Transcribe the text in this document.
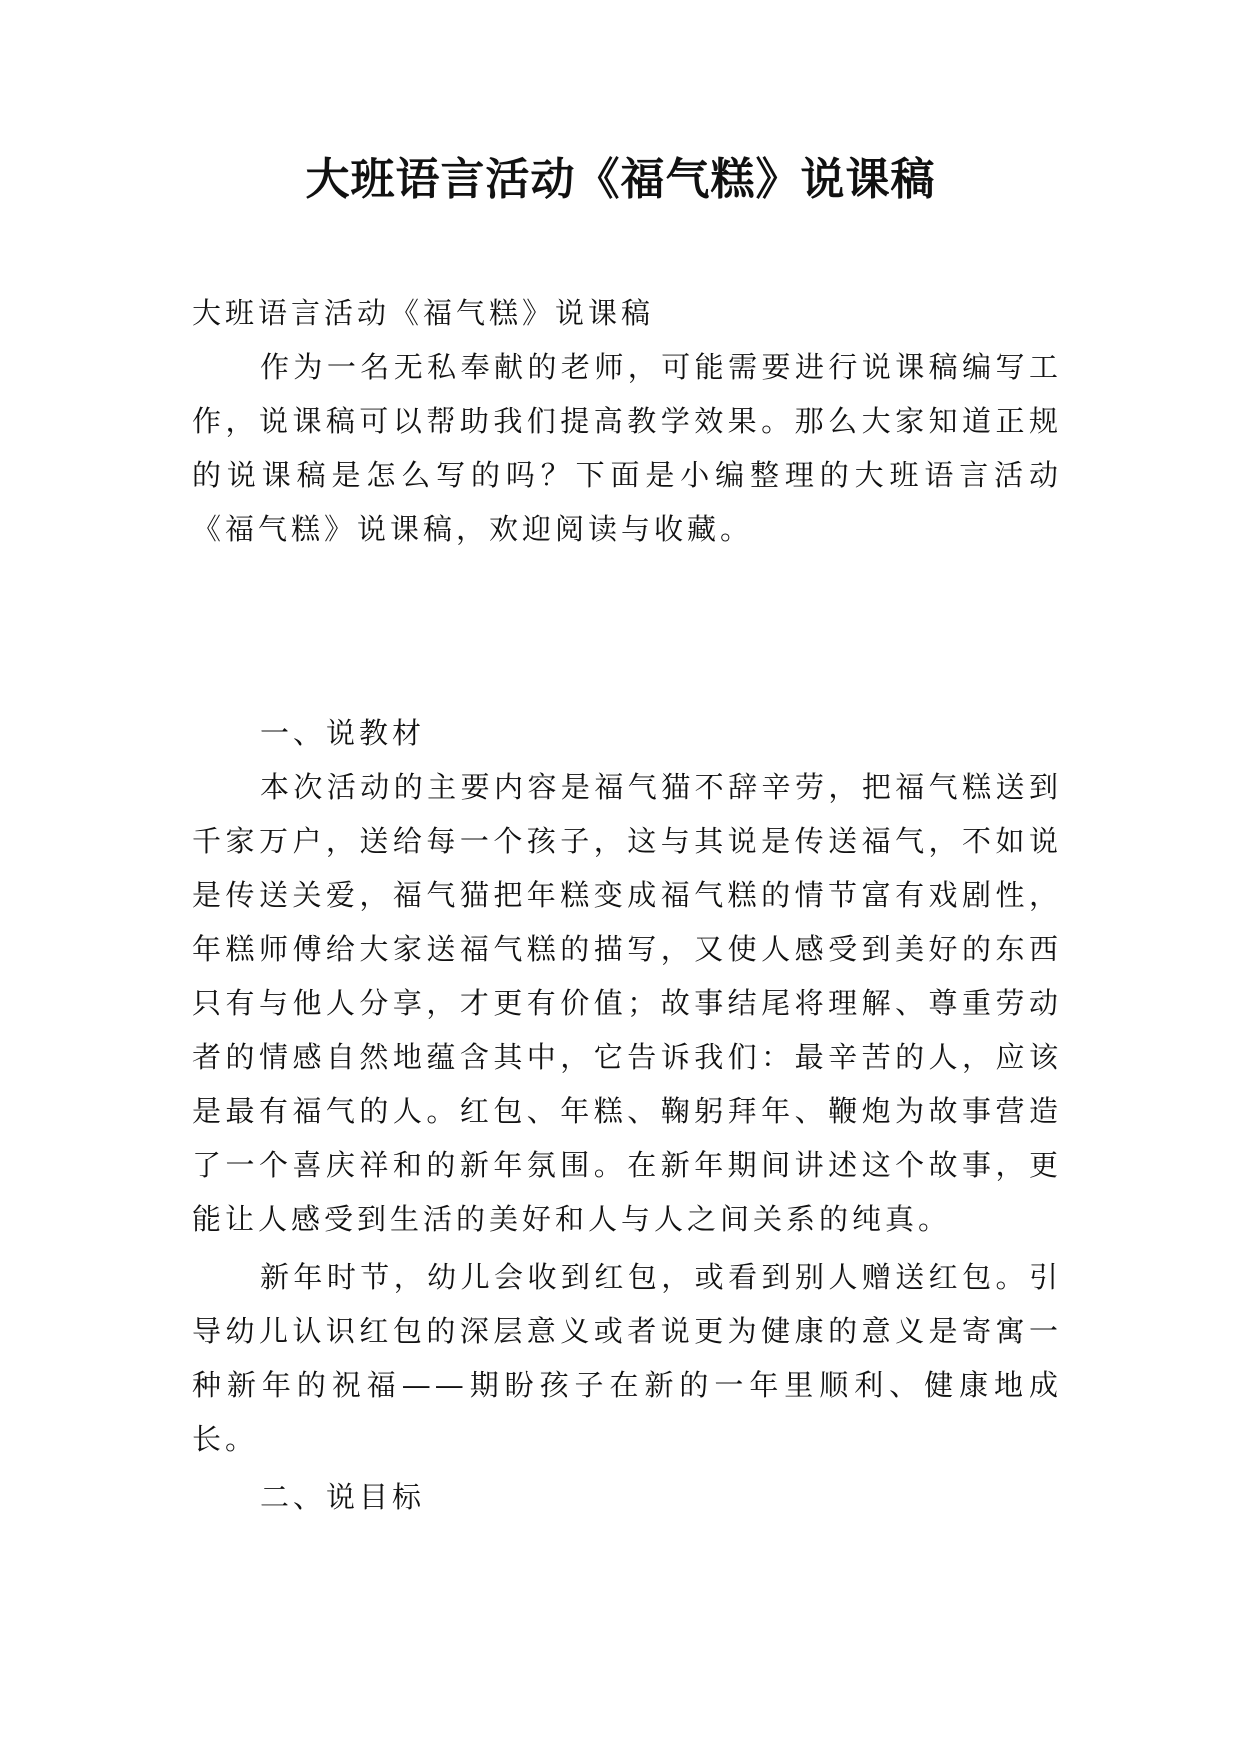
大班语言活动《福气糕》说课稿

大班语言活动《福气糕》说课稿

作为一名无私奉献的老师，可能需要进行说课稿编写工作，说课稿可以帮助我们提高教学效果。那么大家知道正规的说课稿是怎么写的吗？下面是小编整理的大班语言活动《福气糕》说课稿，欢迎阅读与收藏。

一、说教材

本次活动的主要内容是福气猫不辞辛劳，把福气糕送到千家万户，送给每一个孩子，这与其说是传送福气，不如说是传送关爱，福气猫把年糕变成福气糕的情节富有戏剧性，年糕师傅给大家送福气糕的描写，又使人感受到美好的东西只有与他人分享，才更有价值；故事结尾将理解、尊重劳动者的情感自然地蕴含其中，它告诉我们：最辛苦的人，应该是最有福气的人。红包、年糕、鞠躬拜年、鞭炮为故事营造了一个喜庆祥和的新年氛围。在新年期间讲述这个故事，更能让人感受到生活的美好和人与人之间关系的纯真。

新年时节，幼儿会收到红包，或看到别人赠送红包。引导幼儿认识红包的深层意义或者说更为健康的意义是寄寓一种新年的祝福——期盼孩子在新的一年里顺利、健康地成长。

二、说目标
